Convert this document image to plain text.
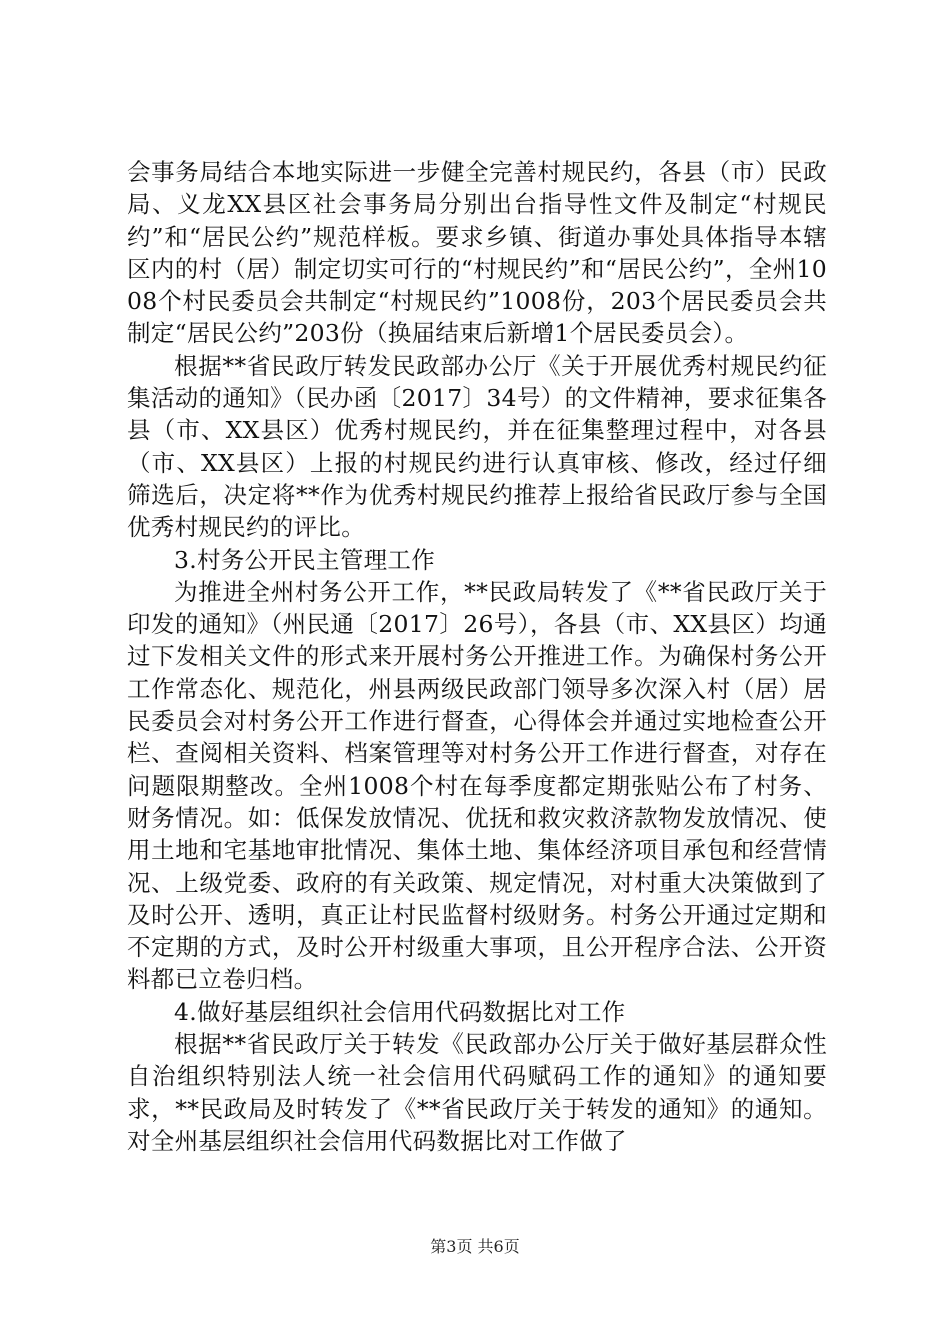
会事务局结合本地实际进一步健全完善村规民约，各县（市）民政局、义龙XX县区社会事务局分别出台指导性文件及制定“村规民约”和“居民公约”规范样板。要求乡镇、街道办事处具体指导本辖区内的村（居）制定切实可行的“村规民约”和“居民公约”，全州1008个村民委员会共制定“村规民约”1008份，203个居民委员会共制定“居民公约”203份（换届结束后新增1个居民委员会）。

根据**省民政厅转发民政部办公厅《关于开展优秀村规民约征集活动的通知》（民办函〔2017〕34号）的文件精神，要求征集各县（市、XX县区）优秀村规民约，并在征集整理过程中，对各县（市、XX县区）上报的村规民约进行认真审核、修改，经过仔细筛选后，决定将**作为优秀村规民约推荐上报给省民政厅参与全国优秀村规民约的评比。

3.村务公开民主管理工作

为推进全州村务公开工作，**民政局转发了《**省民政厅关于印发的通知》（州民通〔2017〕26号），各县（市、XX县区）均通过下发相关文件的形式来开展村务公开推进工作。为确保村务公开工作常态化、规范化，州县两级民政部门领导多次深入村（居）居民委员会对村务公开工作进行督查，心得体会并通过实地检查公开栏、查阅相关资料、档案管理等对村务公开工作进行督查，对存在问题限期整改。全州1008个村在每季度都定期张贴公布了村务、财务情况。如：低保发放情况、优抚和救灾救济款物发放情况、使用土地和宅基地审批情况、集体土地、集体经济项目承包和经营情况、上级党委、政府的有关政策、规定情况，对村重大决策做到了及时公开、透明，真正让村民监督村级财务。村务公开通过定期和不定期的方式，及时公开村级重大事项，且公开程序合法、公开资料都已立卷归档。

4.做好基层组织社会信用代码数据比对工作

根据**省民政厅关于转发《民政部办公厅关于做好基层群众性自治组织特别法人统一社会信用代码赋码工作的通知》的通知要求，**民政局及时转发了《**省民政厅关于转发的通知》的通知。对全州基层组织社会信用代码数据比对工作做了

第3页 共6页
